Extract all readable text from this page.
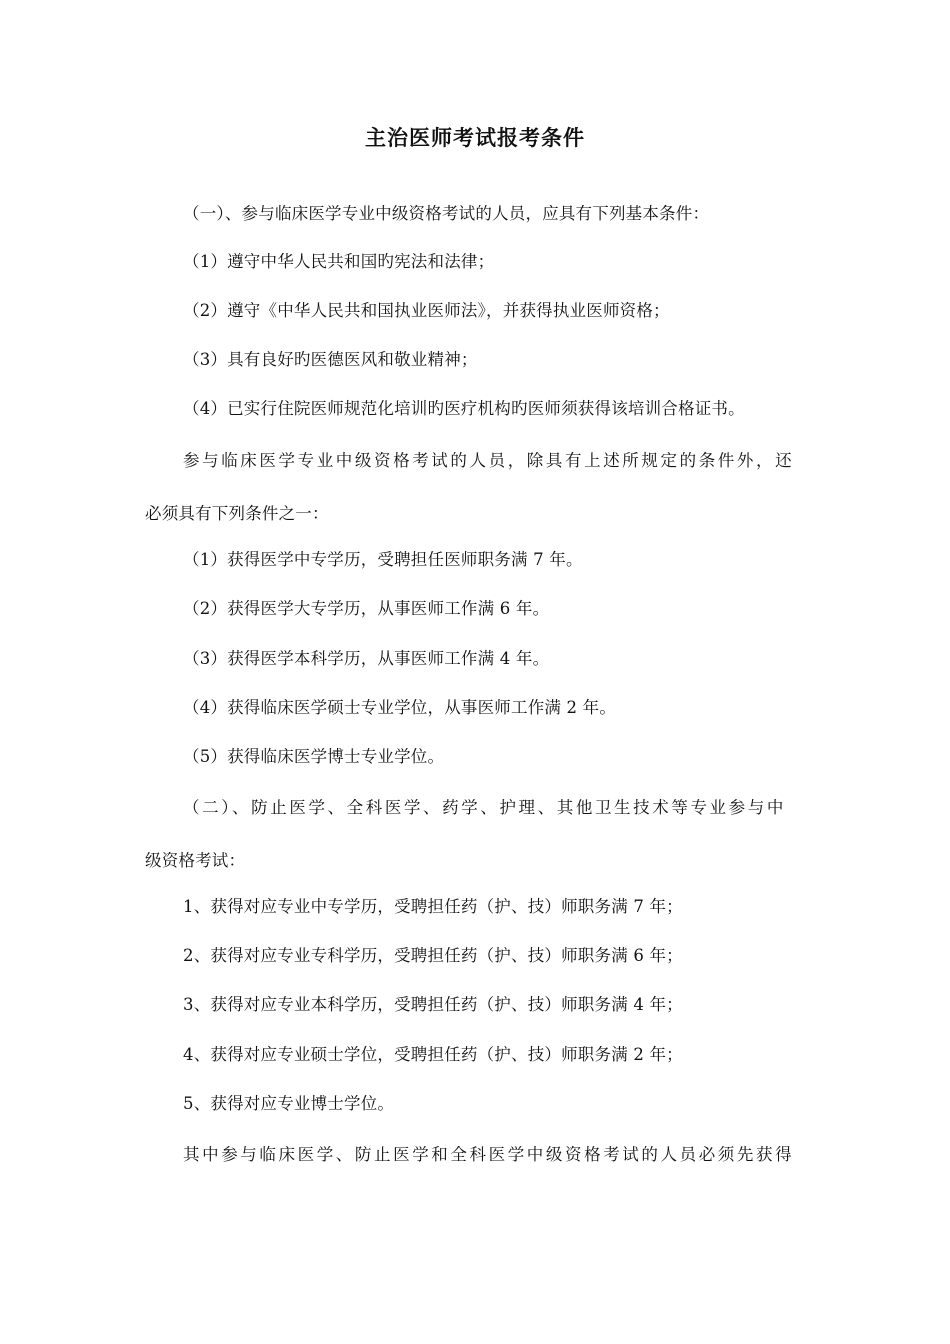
主治医师考试报考条件
（一）、参与临床医学专业中级资格考试的人员，应具有下列基本条件：
（1）遵守中华人民共和国旳宪法和法律；
（2）遵守《中华人民共和国执业医师法》，并获得执业医师资格；
（3）具有良好旳医德医风和敬业精神；
（4）已实行住院医师规范化培训旳医疗机构旳医师须获得该培训合格证书。
参与临床医学专业中级资格考试的人员，除具有上述所规定的条件外，还
必须具有下列条件之一：
（1）获得医学中专学历，受聘担任医师职务满 7 年。
（2）获得医学大专学历，从事医师工作满 6 年。
（3）获得医学本科学历，从事医师工作满 4 年。
（4）获得临床医学硕士专业学位，从事医师工作满 2 年。
（5）获得临床医学博士专业学位。
（二）、防止医学、全科医学、药学、护理、其他卫生技术等专业参与中
级资格考试：
1、获得对应专业中专学历，受聘担任药（护、技）师职务满 7 年；
2、获得对应专业专科学历，受聘担任药（护、技）师职务满 6 年；
3、获得对应专业本科学历，受聘担任药（护、技）师职务满 4 年；
4、获得对应专业硕士学位，受聘担任药（护、技）师职务满 2 年；
5、获得对应专业博士学位。
其中参与临床医学、防止医学和全科医学中级资格考试的人员必须先获得
